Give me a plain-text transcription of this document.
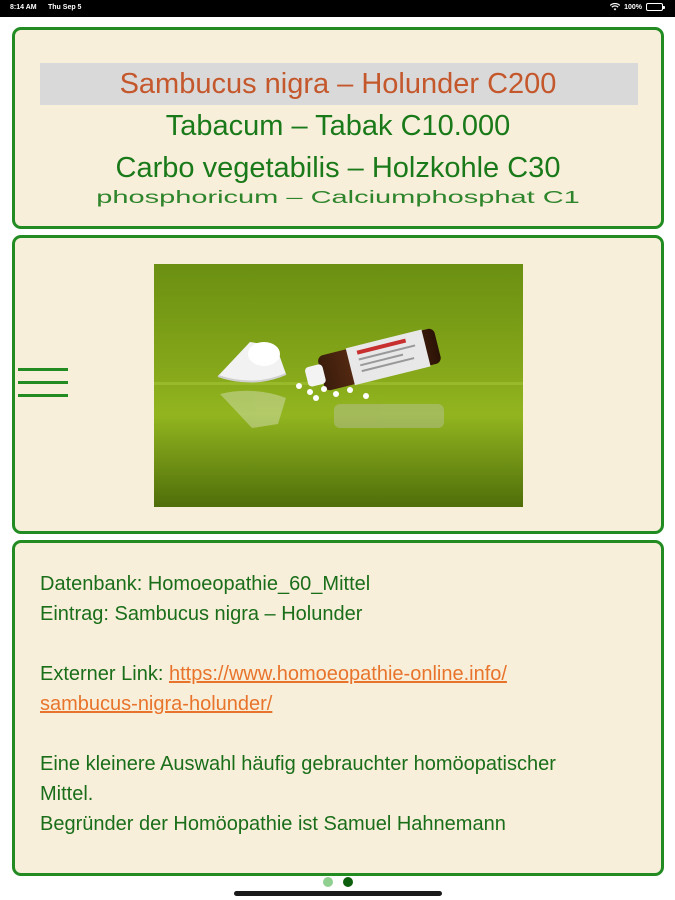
8:14 AM Thu Sep 5	100%
Sambucus nigra – Holunder C200
Tabacum – Tabak C10.000
Carbo vegetabilis – Holzkohle C30
phosphoricum – Calciumphosphat C1
Datenbank: Homoeopathie_60_Mittel
Eintrag: Sambucus nigra – Holunder
Externer Link: https://www.homoeopathie-online.info/
sambucus-nigra-holunder/
Eine kleinere Auswahl häufig gebrauchter homöopatischer
Mittel.
Begründer der Homöopathie ist Samuel Hahnemann
